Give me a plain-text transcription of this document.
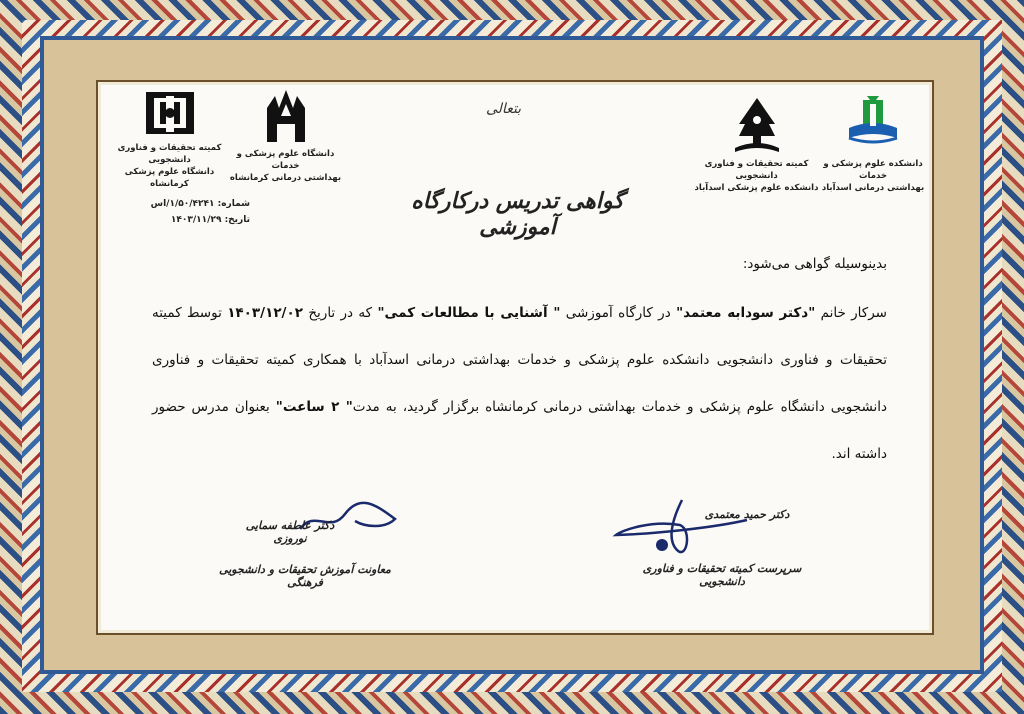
کمیته تحقیقات و فناوری دانشجویی
دانشگاه علوم پزشکی کرمانشاه
دانشگاه علوم پزشکی و خدمات
بهداشتی درمانی کرمانشاه
کمیته تحقیقات و فناوری دانشجویی
دانشکده علوم پزشکی اسدآباد
دانشکده علوم پزشکی و خدمات
بهداشتی درمانی اسدآباد
بتعالی
گواهی تدریس درکارگاه آموزشی
شماره: ۱/۵۰/۴۲۴۱/اس
تاریخ: ۱۴۰۳/۱۱/۲۹
بدینوسیله گواهی می‌شود:
سرکار خانم "دکتر سودابه معتمد" در کارگاه آموزشی " آشنایی با مطالعات کمی" که در تاریخ ۱۴۰۳/۱۲/۰۲ توسط کمیته تحقیقات و فناوری دانشجویی دانشکده علوم پزشکی و خدمات بهداشتی درمانی اسدآباد با همکاری کمیته تحقیقات و فناوری دانشجویی دانشگاه علوم پزشکی و خدمات بهداشتی درمانی کرمانشاه برگزار گردید، به مدت" ۲ ساعت" بعنوان مدرس حضور داشته اند.
دکتر عاطفه سمایی نوروزی
معاونت آموزش تحقیقات و دانشجویی فرهنگی
دکتر حمید معتمدی
سرپرست کمیته تحقیقات و فناوری دانشجویی
